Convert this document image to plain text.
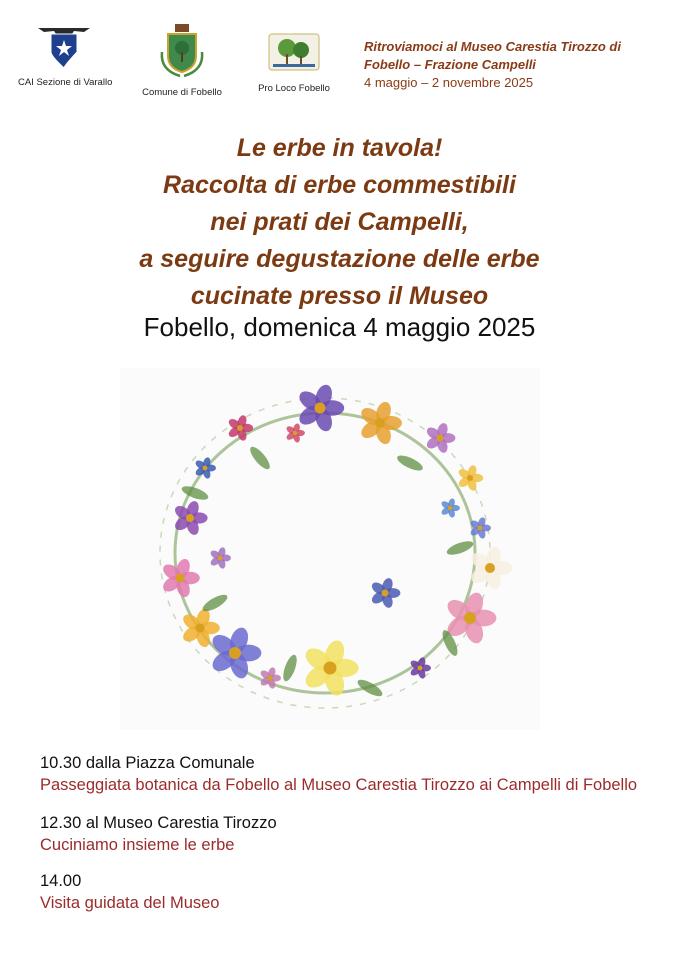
CAI Sezione di Varallo
Comune di Fobello	Pro Loco Fobello
Ritroviamoci al Museo Carestia Tirozzo di
Fobello – Frazione Campelli
4 maggio – 2 novembre 2025
Le erbe in tavola!
Raccolta di erbe commestibili
nei prati dei Campelli,
a seguire degustazione delle erbe
cucinate presso il Museo
Fobello, domenica 4 maggio 2025
10.30 dalla Piazza Comunale
Passeggiata botanica da Fobello al Museo Carestia Tirozzo ai Campelli di Fobello
12.30 al Museo Carestia Tirozzo
Cuciniamo insieme le erbe
14.00
Visita guidata del Museo
